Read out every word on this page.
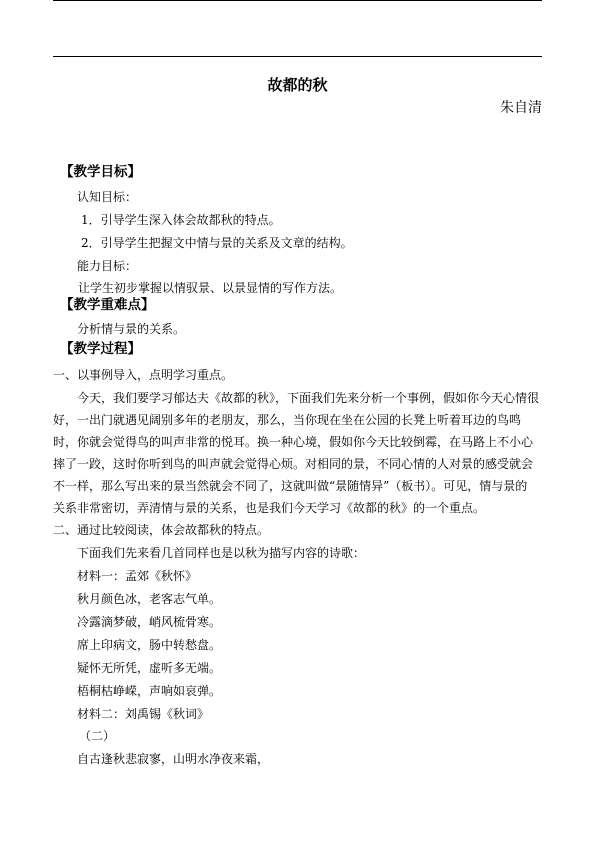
故都的秋
朱自清
【教学目标】
认知目标：
1．引导学生深入体会故都秋的特点。
2．引导学生把握文中情与景的关系及文章的结构。
能力目标：
让学生初步掌握以情驭景、以景显情的写作方法。
【教学重难点】
分析情与景的关系。
【教学过程】
一、以事例导入，点明学习重点。
今天，我们要学习郁达夫《故都的秋》，下面我们先来分析一个事例，假如你今天心情很
好，一出门就遇见阔别多年的老朋友，那么，当你现在坐在公园的长凳上听着耳边的鸟鸣
时，你就会觉得鸟的叫声非常的悦耳。换一种心境，假如你今天比较倒霉，在马路上不小心
摔了一跤，这时你听到鸟的叫声就会觉得心烦。对相同的景，不同心情的人对景的感受就会
不一样，那么写出来的景当然就会不同了，这就叫做“景随情异”（板书）。可见，情与景的
关系非常密切，弄清情与景的关系，也是我们今天学习《故都的秋》的一个重点。
二、通过比较阅读，体会故都秋的特点。
下面我们先来看几首同样也是以秋为描写内容的诗歌：
材料一：孟郊《秋怀》
秋月颜色冰，老客志气单。
冷露滴梦破，峭风梳骨寒。
席上印病文，肠中转愁盘。
疑怀无所凭，虚听多无端。
梧桐枯峥嵘，声响如哀弹。
材料二：刘禹锡《秋词》
（二）
自古逢秋悲寂寥，山明水净夜来霜，
